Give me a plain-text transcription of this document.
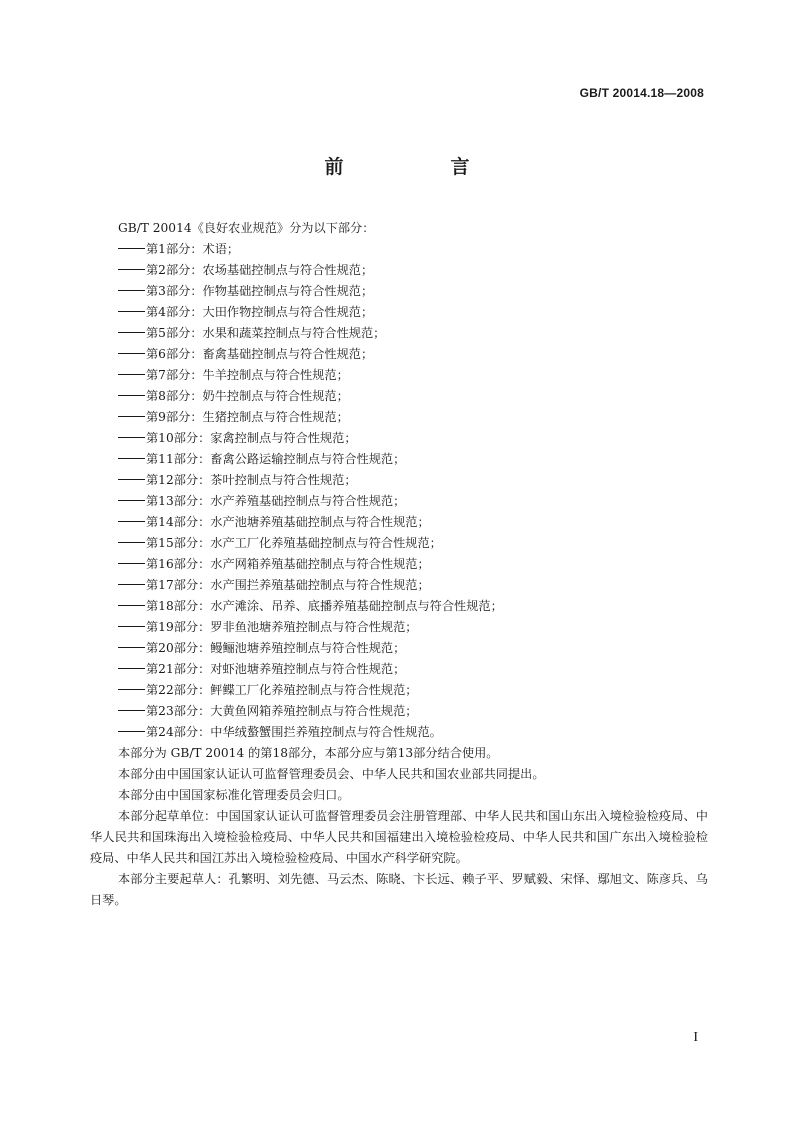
GB/T 20014.18—2008
前　言
GB/T 20014《良好农业规范》分为以下部分：
第1部分：术语；
第2部分：农场基础控制点与符合性规范；
第3部分：作物基础控制点与符合性规范；
第4部分：大田作物控制点与符合性规范；
第5部分：水果和蔬菜控制点与符合性规范；
第6部分：畜禽基础控制点与符合性规范；
第7部分：牛羊控制点与符合性规范；
第8部分：奶牛控制点与符合性规范；
第9部分：生猪控制点与符合性规范；
第10部分：家禽控制点与符合性规范；
第11部分：畜禽公路运输控制点与符合性规范；
第12部分：茶叶控制点与符合性规范；
第13部分：水产养殖基础控制点与符合性规范；
第14部分：水产池塘养殖基础控制点与符合性规范；
第15部分：水产工厂化养殖基础控制点与符合性规范；
第16部分：水产网箱养殖基础控制点与符合性规范；
第17部分：水产围拦养殖基础控制点与符合性规范；
第18部分：水产滩涂、吊养、底播养殖基础控制点与符合性规范；
第19部分：罗非鱼池塘养殖控制点与符合性规范；
第20部分：鳗鲡池塘养殖控制点与符合性规范；
第21部分：对虾池塘养殖控制点与符合性规范；
第22部分：鲆鲽工厂化养殖控制点与符合性规范；
第23部分：大黄鱼网箱养殖控制点与符合性规范；
第24部分：中华绒螯蟹围拦养殖控制点与符合性规范。
本部分为 GB/T 20014 的第18部分，本部分应与第13部分结合使用。
本部分由中国国家认证认可监督管理委员会、中华人民共和国农业部共同提出。
本部分由中国国家标准化管理委员会归口。
本部分起草单位：中国国家认证认可监督管理委员会注册管理部、中华人民共和国山东出入境检验检疫局、中华人民共和国珠海出入境检验检疫局、中华人民共和国福建出入境检验检疫局、中华人民共和国广东出入境检验检疫局、中华人民共和国江苏出入境检验检疫局、中国水产科学研究院。
本部分主要起草人：孔繁明、刘先德、马云杰、陈晓、卞长远、赖子平、罗赋毅、宋怿、鄢旭文、陈彦兵、乌日琴。
I
